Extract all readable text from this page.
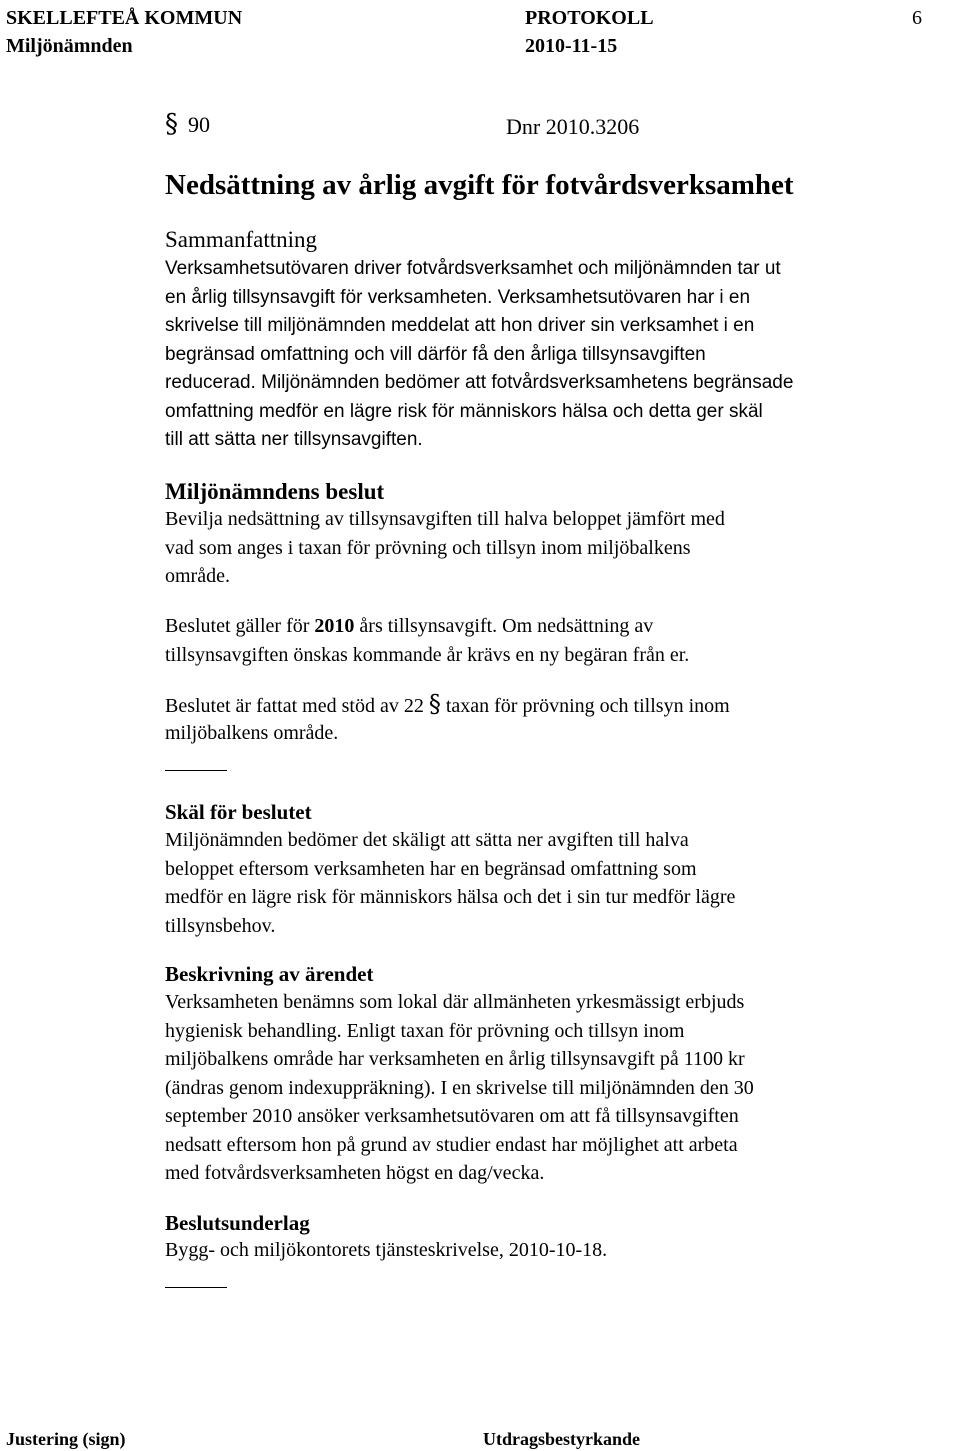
SKELLEFTEÅ KOMMUN	PROTOKOLL	6
Miljönämnden	2010-11-15
§ 90	Dnr 2010.3206
Nedsättning av årlig avgift för fotvårdsverksamhet
Sammanfattning
Verksamhetsutövaren driver fotvårdsverksamhet och miljönämnden tar ut
en årlig tillsynsavgift för verksamheten. Verksamhetsutövaren har i en
skrivelse till miljönämnden meddelat att hon driver sin verksamhet i en
begränsad omfattning och vill därför få den årliga tillsynsavgiften
reducerad. Miljönämnden bedömer att fotvårdsverksamhetens begränsade
omfattning medför en lägre risk för människors hälsa och detta ger skäl
till att sätta ner tillsynsavgiften.
Miljönämndens beslut
Bevilja nedsättning av tillsynsavgiften till halva beloppet jämfört med
vad som anges i taxan för prövning och tillsyn inom miljöbalkens
område.
Beslutet gäller för 2010 års tillsynsavgift. Om nedsättning av
tillsynsavgiften önskas kommande år krävs en ny begäran från er.
Beslutet är fattat med stöd av 22 § taxan för prövning och tillsyn inom
miljöbalkens område.
Skäl för beslutet
Miljönämnden bedömer det skäligt att sätta ner avgiften till halva
beloppet eftersom verksamheten har en begränsad omfattning som
medför en lägre risk för människors hälsa och det i sin tur medför lägre
tillsynsbehov.
Beskrivning av ärendet
Verksamheten benämns som lokal där allmänheten yrkesmässigt erbjuds
hygienisk behandling. Enligt taxan för prövning och tillsyn inom
miljöbalkens område har verksamheten en årlig tillsynsavgift på 1100 kr
(ändras genom indexuppräkning). I en skrivelse till miljönämnden den 30
september 2010 ansöker verksamhetsutövaren om att få tillsynsavgiften
nedsatt eftersom hon på grund av studier endast har möjlighet att arbeta
med fotvårdsverksamheten högst en dag/vecka.
Beslutsunderlag
Bygg- och miljökontorets tjänsteskrivelse, 2010-10-18.
Justering (sign)	Utdragsbestyrkande
